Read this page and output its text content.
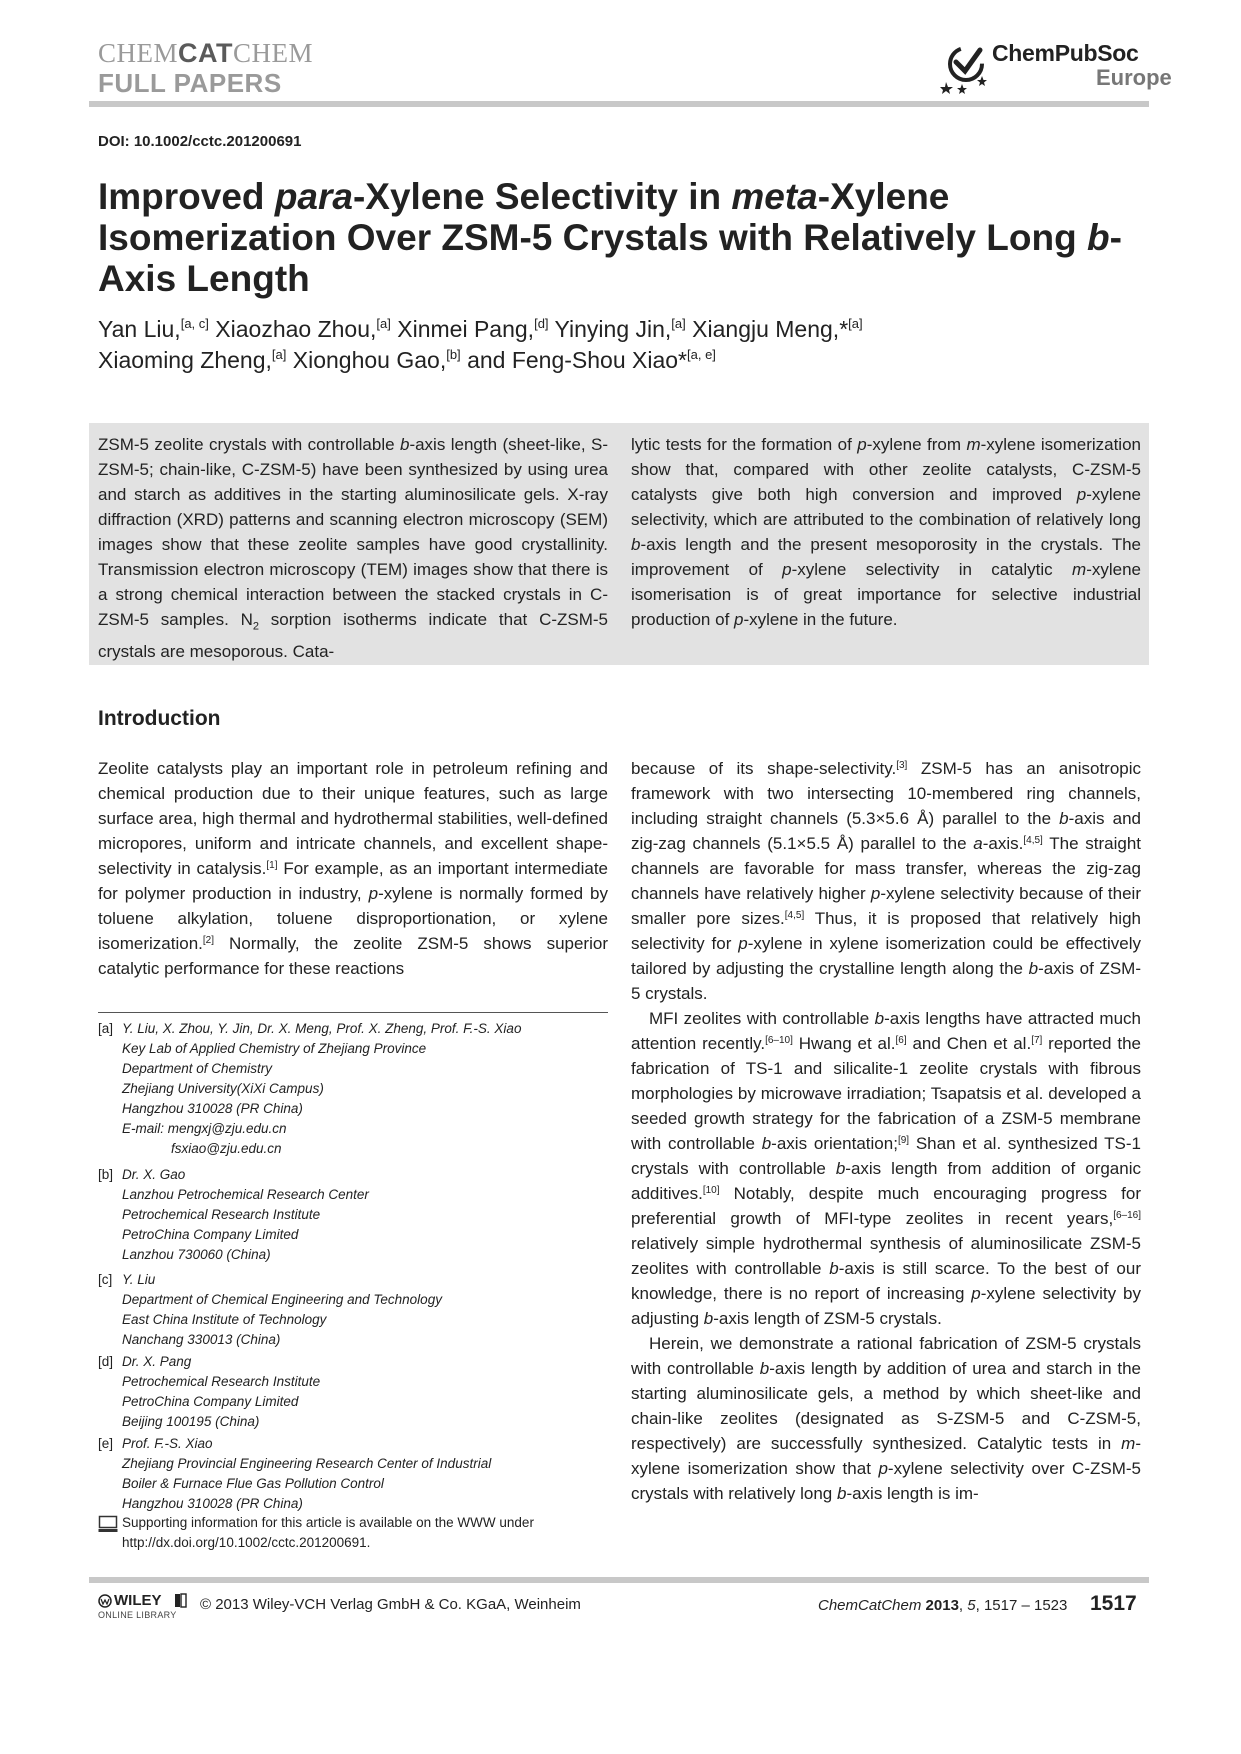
CHEMCATCHEM
FULL PAPERS
ChemPubSoc
Europe
DOI: 10.1002/cctc.201200691
Improved para-Xylene Selectivity in meta-Xylene Isomerization Over ZSM-5 Crystals with Relatively Long b-Axis Length
Yan Liu,[a, c] Xiaozhao Zhou,[a] Xinmei Pang,[d] Yinying Jin,[a] Xiangju Meng,*[a]
Xiaoming Zheng,[a] Xionghou Gao,[b] and Feng-Shou Xiao*[a, e]
ZSM-5 zeolite crystals with controllable b-axis length (sheet-like, S-ZSM-5; chain-like, C-ZSM-5) have been synthesized by using urea and starch as additives in the starting aluminosilicate gels. X-ray diffraction (XRD) patterns and scanning electron microscopy (SEM) images show that these zeolite samples have good crystallinity. Transmission electron microscopy (TEM) images show that there is a strong chemical interaction between the stacked crystals in C-ZSM-5 samples. $N_2$ sorption isotherms indicate that C-ZSM-5 crystals are mesoporous. Cata-
lytic tests for the formation of p-xylene from m-xylene isomerization show that, compared with other zeolite catalysts, C-ZSM-5 catalysts give both high conversion and improved p-xylene selectivity, which are attributed to the combination of relatively long b-axis length and the present mesoporosity in the crystals. The improvement of p-xylene selectivity in catalytic m-xylene isomerisation is of great importance for selective industrial production of p-xylene in the future.
Introduction

Zeolite catalysts play an important role in petroleum refining and chemical production due to their unique features, such as large surface area, high thermal and hydrothermal stabilities, well-defined micropores, uniform and intricate channels, and excellent shape-selectivity in catalysis.[1] For example, as an important intermediate for polymer production in industry, p-xylene is normally formed by toluene alkylation, toluene disproportionation, or xylene isomerization.[2] Normally, the zeolite ZSM-5 shows superior catalytic performance for these reactions

because of its shape-selectivity.[3] ZSM-5 has an anisotropic framework with two intersecting 10-membered ring channels, including straight channels (5.3×5.6 Å) parallel to the b-axis and zig-zag channels (5.1×5.5 Å) parallel to the a-axis.[4,5] The straight channels are favorable for mass transfer, whereas the zig-zag channels have relatively higher p-xylene selectivity because of their smaller pore sizes.[4,5] Thus, it is proposed that relatively high selectivity for p-xylene in xylene isomerization could be effectively tailored by adjusting the crystalline length along the b-axis of ZSM-5 crystals.

MFI zeolites with controllable b-axis lengths have attracted much attention recently.[6–10] Hwang et al.[6] and Chen et al.[7] reported the fabrication of TS-1 and silicalite-1 zeolite crystals with fibrous morphologies by microwave irradiation; Tsapatsis et al. developed a seeded growth strategy for the fabrication of a ZSM-5 membrane with controllable b-axis orientation;[9] Shan et al. synthesized TS-1 crystals with controllable b-axis length from addition of organic additives.[10] Notably, despite much encouraging progress for preferential growth of MFI-type zeolites in recent years,[6–16] relatively simple hydrothermal synthesis of aluminosilicate ZSM-5 zeolites with controllable b-axis is still scarce. To the best of our knowledge, there is no report of increasing p-xylene selectivity by adjusting b-axis length of ZSM-5 crystals.

Herein, we demonstrate a rational fabrication of ZSM-5 crystals with controllable b-axis length by addition of urea and starch in the starting aluminosilicate gels, a method by which sheet-like and chain-like zeolites (designated as S-ZSM-5 and C-ZSM-5, respectively) are successfully synthesized. Catalytic tests in m-xylene isomerization show that p-xylene selectivity over C-ZSM-5 crystals with relatively long b-axis length is im-

[a] Y. Liu, X. Zhou, Y. Jin, Dr. X. Meng, Prof. X. Zheng, Prof. F.-S. Xiao
Key Lab of Applied Chemistry of Zhejiang Province
Department of Chemistry
Zhejiang University(XiXi Campus)
Hangzhou 310028 (PR China)
E-mail: mengxj@zju.edu.cn
fsxiao@zju.edu.cn
[b] Dr. X. Gao
Lanzhou Petrochemical Research Center
Petrochemical Research Institute
PetroChina Company Limited
Lanzhou 730060 (China)
[c] Y. Liu
Department of Chemical Engineering and Technology
East China Institute of Technology
Nanchang 330013 (China)
[d] Dr. X. Pang
Petrochemical Research Institute
PetroChina Company Limited
Beijing 100195 (China)
[e] Prof. F.-S. Xiao
Zhejiang Provincial Engineering Research Center of Industrial
Boiler & Furnace Flue Gas Pollution Control
Hangzhou 310028 (PR China)
Supporting information for this article is available on the WWW under
http://dx.doi.org/10.1002/cctc.201200691.
WILEY
ONLINE LIBRARY
© 2013 Wiley-VCH Verlag GmbH & Co. KGaA, Weinheim	ChemCatChem 2013, 5, 1517 – 1523 1517
